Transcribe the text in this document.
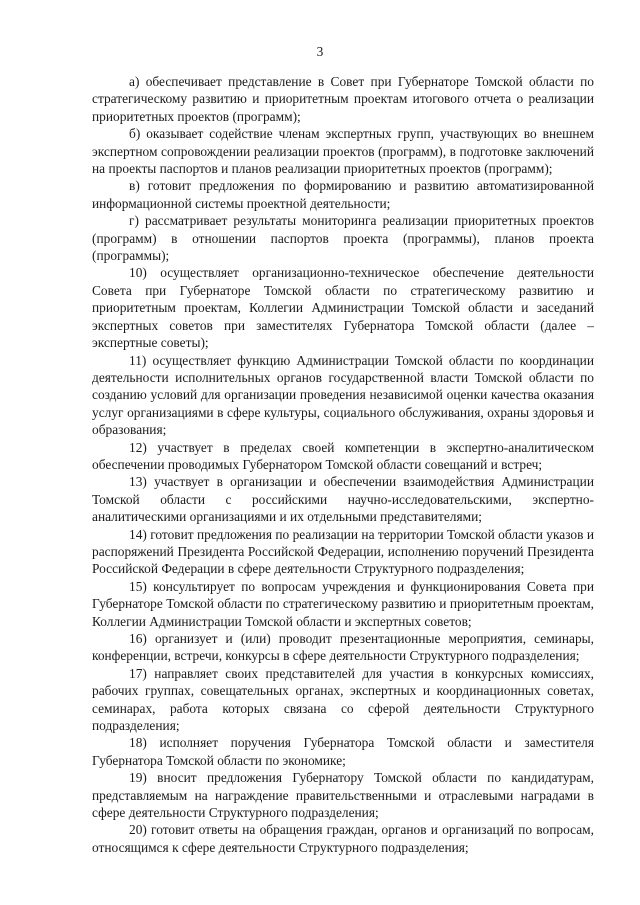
3

а) обеспечивает представление в Совет при Губернаторе Томской области по стратегическому развитию и приоритетным проектам итогового отчета о реализации приоритетных проектов (программ);

б) оказывает содействие членам экспертных групп, участвующих во внешнем экспертном сопровождении реализации проектов (программ), в подготовке заключений на проекты паспортов и планов реализации приоритетных проектов (программ);

в) готовит предложения по формированию и развитию автоматизированной информационной системы проектной деятельности;

г) рассматривает результаты мониторинга реализации приоритетных проектов (программ) в отношении паспортов проекта (программы), планов проекта (программы);

10) осуществляет организационно-техническое обеспечение деятельности Совета при Губернаторе Томской области по стратегическому развитию и приоритетным проектам, Коллегии Администрации Томской области и заседаний экспертных советов при заместителях Губернатора Томской области (далее – экспертные советы);

11) осуществляет функцию Администрации Томской области по координации деятельности исполнительных органов государственной власти Томской области по созданию условий для организации проведения независимой оценки качества оказания услуг организациями в сфере культуры, социального обслуживания, охраны здоровья и образования;

12) участвует в пределах своей компетенции в экспертно-аналитическом обеспечении проводимых Губернатором Томской области совещаний и встреч;

13) участвует в организации и обеспечении взаимодействия Администрации Томской области с российскими научно-исследовательскими, экспертно-аналитическими организациями и их отдельными представителями;

14) готовит предложения по реализации на территории Томской области указов и распоряжений Президента Российской Федерации, исполнению поручений Президента Российской Федерации в сфере деятельности Структурного подразделения;

15) консультирует по вопросам учреждения и функционирования Совета при Губернаторе Томской области по стратегическому развитию и приоритетным проектам, Коллегии Администрации Томской области и экспертных советов;

16) организует и (или) проводит презентационные мероприятия, семинары, конференции, встречи, конкурсы в сфере деятельности Структурного подразделения;

17) направляет своих представителей для участия в конкурсных комиссиях, рабочих группах, совещательных органах, экспертных и координационных советах, семинарах, работа которых связана со сферой деятельности Структурного подразделения;

18) исполняет поручения Губернатора Томской области и заместителя Губернатора Томской области по экономике;

19) вносит предложения Губернатору Томской области по кандидатурам, представляемым на награждение правительственными и отраслевыми наградами в сфере деятельности Структурного подразделения;

20) готовит ответы на обращения граждан, органов и организаций по вопросам, относящимся к сфере деятельности Структурного подразделения;
